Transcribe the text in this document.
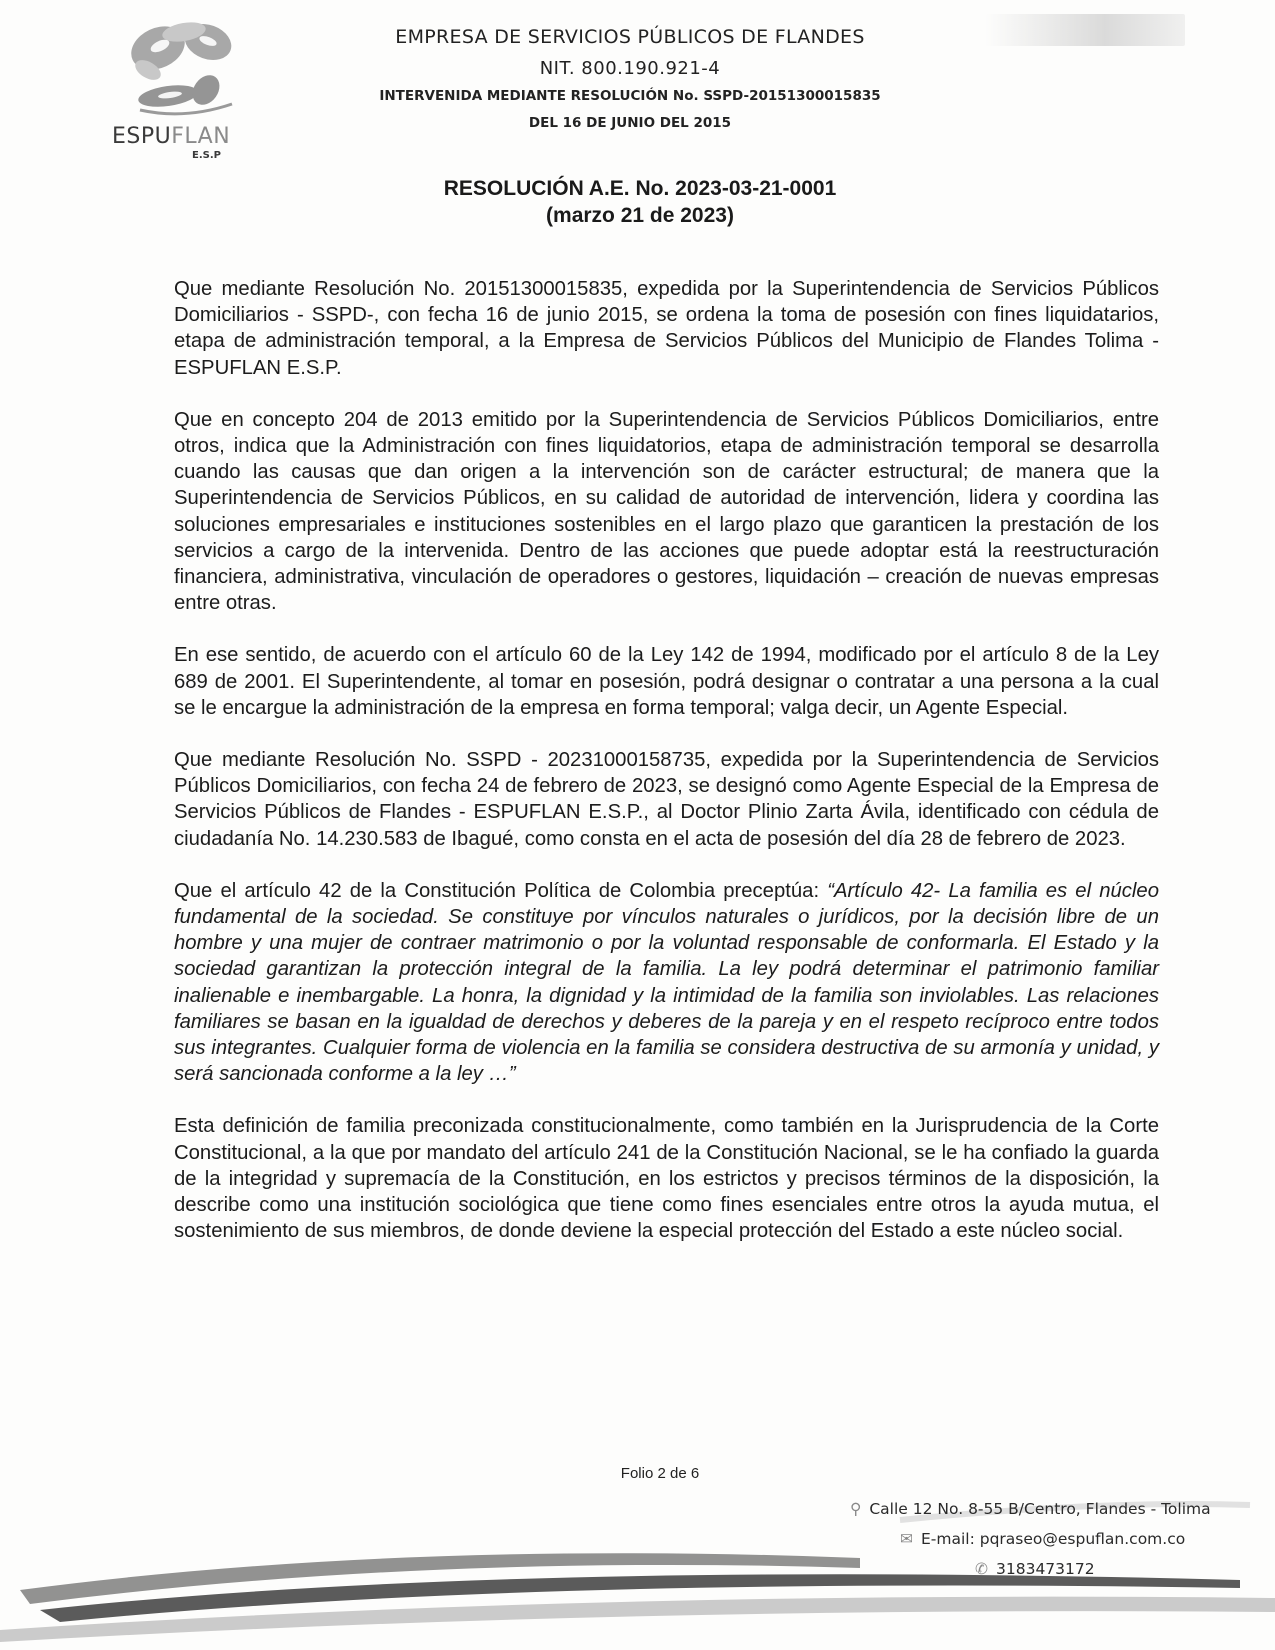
ESPUFLAN
E.S.P
EMPRESA DE SERVICIOS PÚBLICOS DE FLANDES
NIT. 800.190.921-4
INTERVENIDA MEDIANTE RESOLUCIÓN No. SSPD-20151300015835
DEL 16 DE JUNIO DEL 2015
RESOLUCIÓN A.E. No. 2023-03-21-0001
(marzo 21 de 2023)

Que mediante Resolución No. 20151300015835, expedida por la Superintendencia de Servicios Públicos Domiciliarios - SSPD-, con fecha 16 de junio 2015, se ordena la toma de posesión con fines liquidatarios, etapa de administración temporal, a la Empresa de Servicios Públicos del Municipio de Flandes Tolima - ESPUFLAN E.S.P.

Que en concepto 204 de 2013 emitido por la Superintendencia de Servicios Públicos Domiciliarios, entre otros, indica que la Administración con fines liquidatorios, etapa de administración temporal se desarrolla cuando las causas que dan origen a la intervención son de carácter estructural; de manera que la Superintendencia de Servicios Públicos, en su calidad de autoridad de intervención, lidera y coordina las soluciones empresariales e instituciones sostenibles en el largo plazo que garanticen la prestación de los servicios a cargo de la intervenida. Dentro de las acciones que puede adoptar está la reestructuración financiera, administrativa, vinculación de operadores o gestores, liquidación – creación de nuevas empresas entre otras.

En ese sentido, de acuerdo con el artículo 60 de la Ley 142 de 1994, modificado por el artículo 8 de la Ley 689 de 2001. El Superintendente, al tomar en posesión, podrá designar o contratar a una persona a la cual se le encargue la administración de la empresa en forma temporal; valga decir, un Agente Especial.

Que mediante Resolución No. SSPD - 20231000158735, expedida por la Superintendencia de Servicios Públicos Domiciliarios, con fecha 24 de febrero de 2023, se designó como Agente Especial de la Empresa de Servicios Públicos de Flandes - ESPUFLAN E.S.P., al Doctor Plinio Zarta Ávila, identificado con cédula de ciudadanía No. 14.230.583 de Ibagué, como consta en el acta de posesión del día 28 de febrero de 2023.

Que el artículo 42 de la Constitución Política de Colombia preceptúa: “Artículo 42- La familia es el núcleo fundamental de la sociedad. Se constituye por vínculos naturales o jurídicos, por la decisión libre de un hombre y una mujer de contraer matrimonio o por la voluntad responsable de conformarla. El Estado y la sociedad garantizan la protección integral de la familia. La ley podrá determinar el patrimonio familiar inalienable e inembargable. La honra, la dignidad y la intimidad de la familia son inviolables. Las relaciones familiares se basan en la igualdad de derechos y deberes de la pareja y en el respeto recíproco entre todos sus integrantes. Cualquier forma de violencia en la familia se considera destructiva de su armonía y unidad, y será sancionada conforme a la ley …”

Esta definición de familia preconizada constitucionalmente, como también en la Jurisprudencia de la Corte Constitucional, a la que por mandato del artículo 241 de la Constitución Nacional, se le ha confiado la guarda de la integridad y supremacía de la Constitución, en los estrictos y precisos términos de la disposición, la describe como una institución sociológica que tiene como fines esenciales entre otros la ayuda mutua, el sostenimiento de sus miembros, de donde deviene la especial protección del Estado a este núcleo social.

Folio 2 de 6
⚲ Calle 12 No. 8-55 B/Centro, Flandes - Tolima
✉ E-mail: pqraseo@espuflan.com.co
✆ 3183473172
